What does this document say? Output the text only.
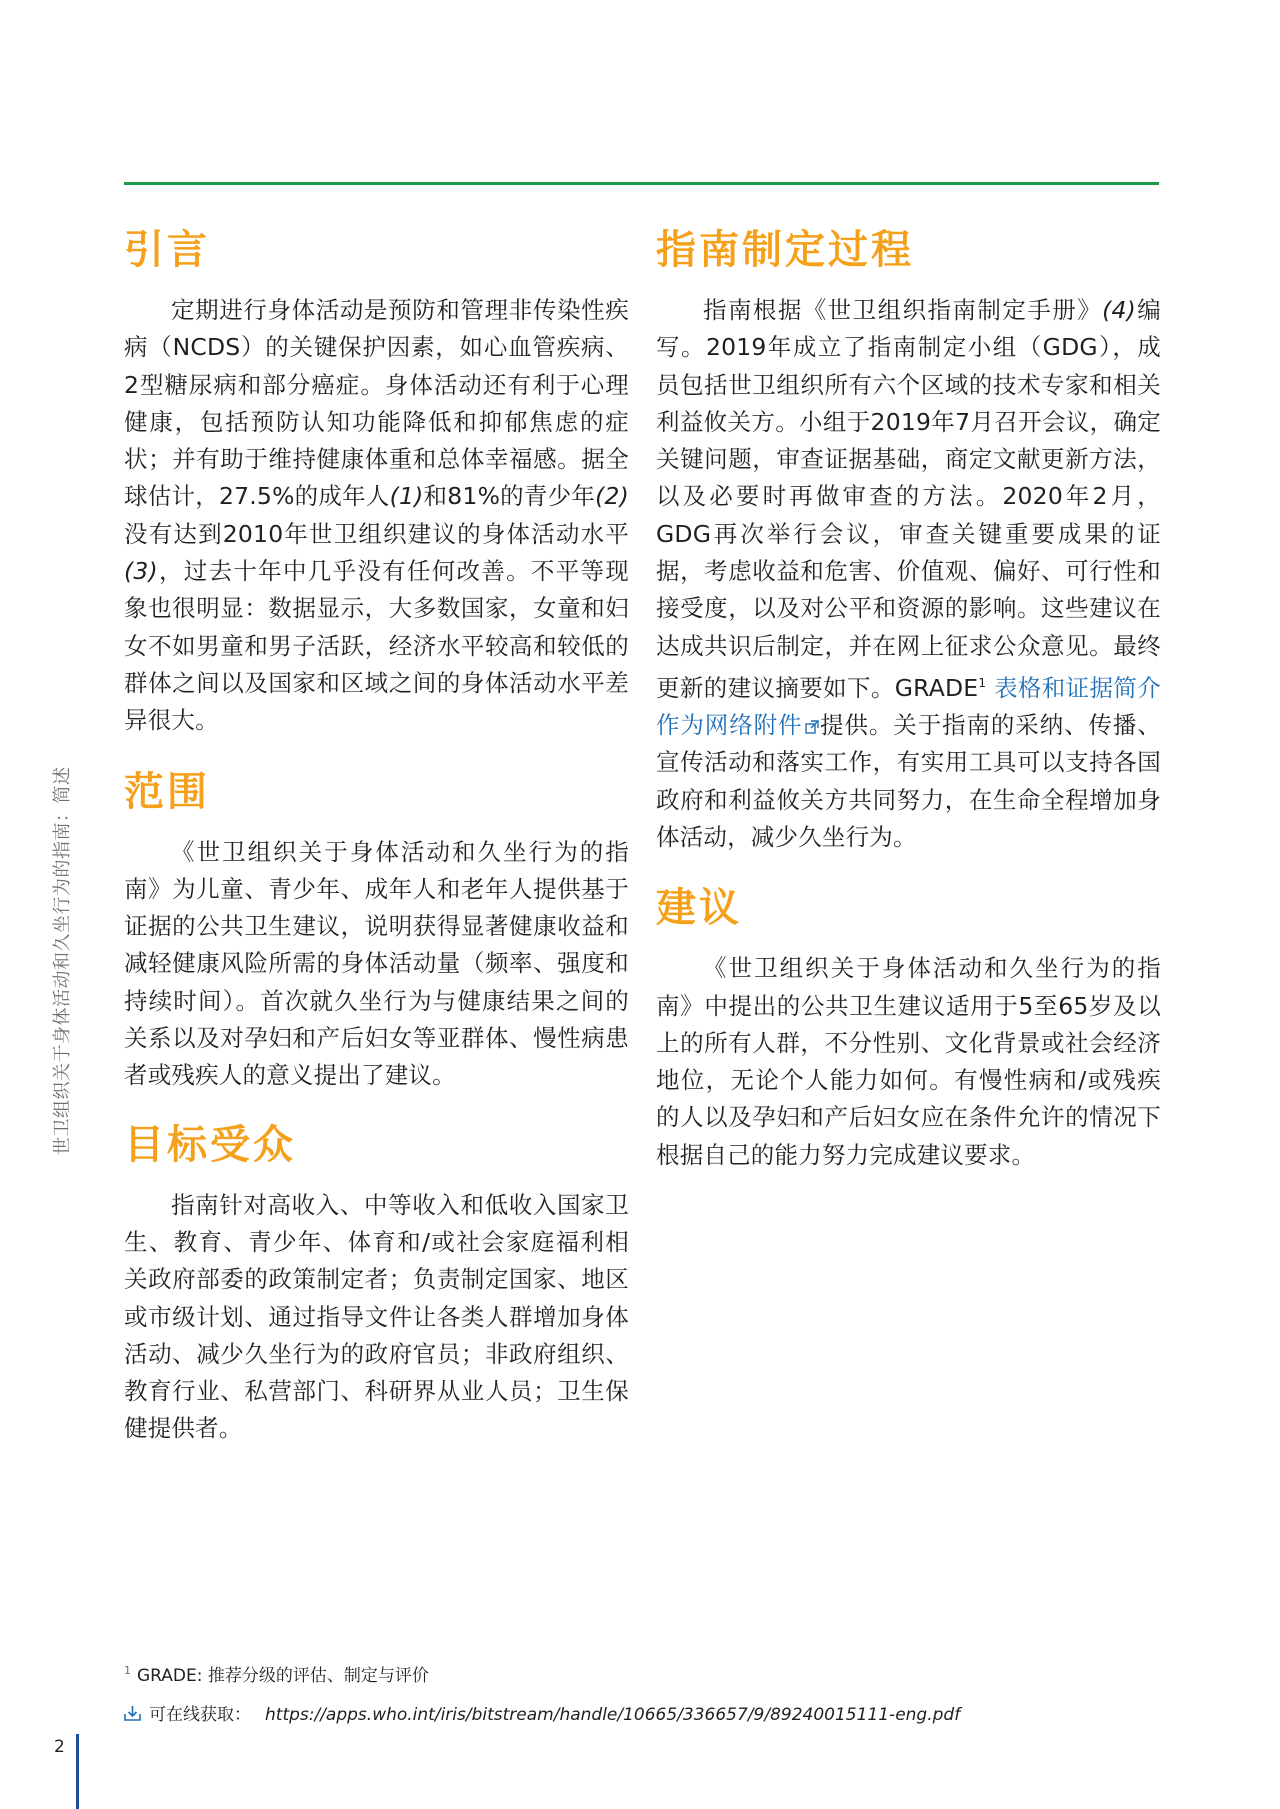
世卫组织关于身体活动和久坐行为的指南：简述
引言

定期进行身体活动是预防和管理非传染性疾病（NCDS）的关键保护因素，如心血管疾病、2型糖尿病和部分癌症。身体活动还有利于心理健康，包括预防认知功能降低和抑郁焦虑的症状；并有助于维持健康体重和总体幸福感。据全球估计，27.5%的成年人(1)和81%的青少年(2)没有达到2010年世卫组织建议的身体活动水平(3)，过去十年中几乎没有任何改善。不平等现象也很明显：数据显示，大多数国家，女童和妇女不如男童和男子活跃，经济水平较高和较低的群体之间以及国家和区域之间的身体活动水平差异很大。

范围

《世卫组织关于身体活动和久坐行为的指南》为儿童、青少年、成年人和老年人提供基于证据的公共卫生建议，说明获得显著健康收益和减轻健康风险所需的身体活动量（频率、强度和持续时间）。首次就久坐行为与健康结果之间的关系以及对孕妇和产后妇女等亚群体、慢性病患者或残疾人的意义提出了建议。

目标受众

指南针对高收入、中等收入和低收入国家卫生、教育、青少年、体育和/或社会家庭福利相关政府部委的政策制定者；负责制定国家、地区或市级计划、通过指导文件让各类人群增加身体活动、减少久坐行为的政府官员；非政府组织、教育行业、私营部门、科研界从业人员；卫生保健提供者。

指南制定过程

指南根据《世卫组织指南制定手册》(4)编写。2019年成立了指南制定小组（GDG），成员包括世卫组织所有六个区域的技术专家和相关利益攸关方。小组于2019年7月召开会议，确定关键问题，审查证据基础，商定文献更新方法，以及必要时再做审查的方法。2020年2月，GDG再次举行会议，审查关键重要成果的证据，考虑收益和危害、价值观、偏好、可行性和接受度，以及对公平和资源的影响。这些建议在达成共识后制定，并在网上征求公众意见。最终更新的建议摘要如下。GRADE$^1$ 表格和证据简介作为网络附件 提供。关于指南的采纳、传播、宣传活动和落实工作，有实用工具可以支持各国政府和利益攸关方共同努力，在生命全程增加身体活动，减少久坐行为。

建议

《世卫组织关于身体活动和久坐行为的指南》中提出的公共卫生建议适用于5至65岁及以上的所有人群，不分性别、文化背景或社会经济地位，无论个人能力如何。有慢性病和/或残疾的人以及孕妇和产后妇女应在条件允许的情况下根据自己的能力努力完成建议要求。

$^1$ GRADE: 推荐分级的评估、制定与评价
可在线获取： https://apps.who.int/iris/bitstream/handle/10665/336657/9/89240015111-eng.pdf
2
